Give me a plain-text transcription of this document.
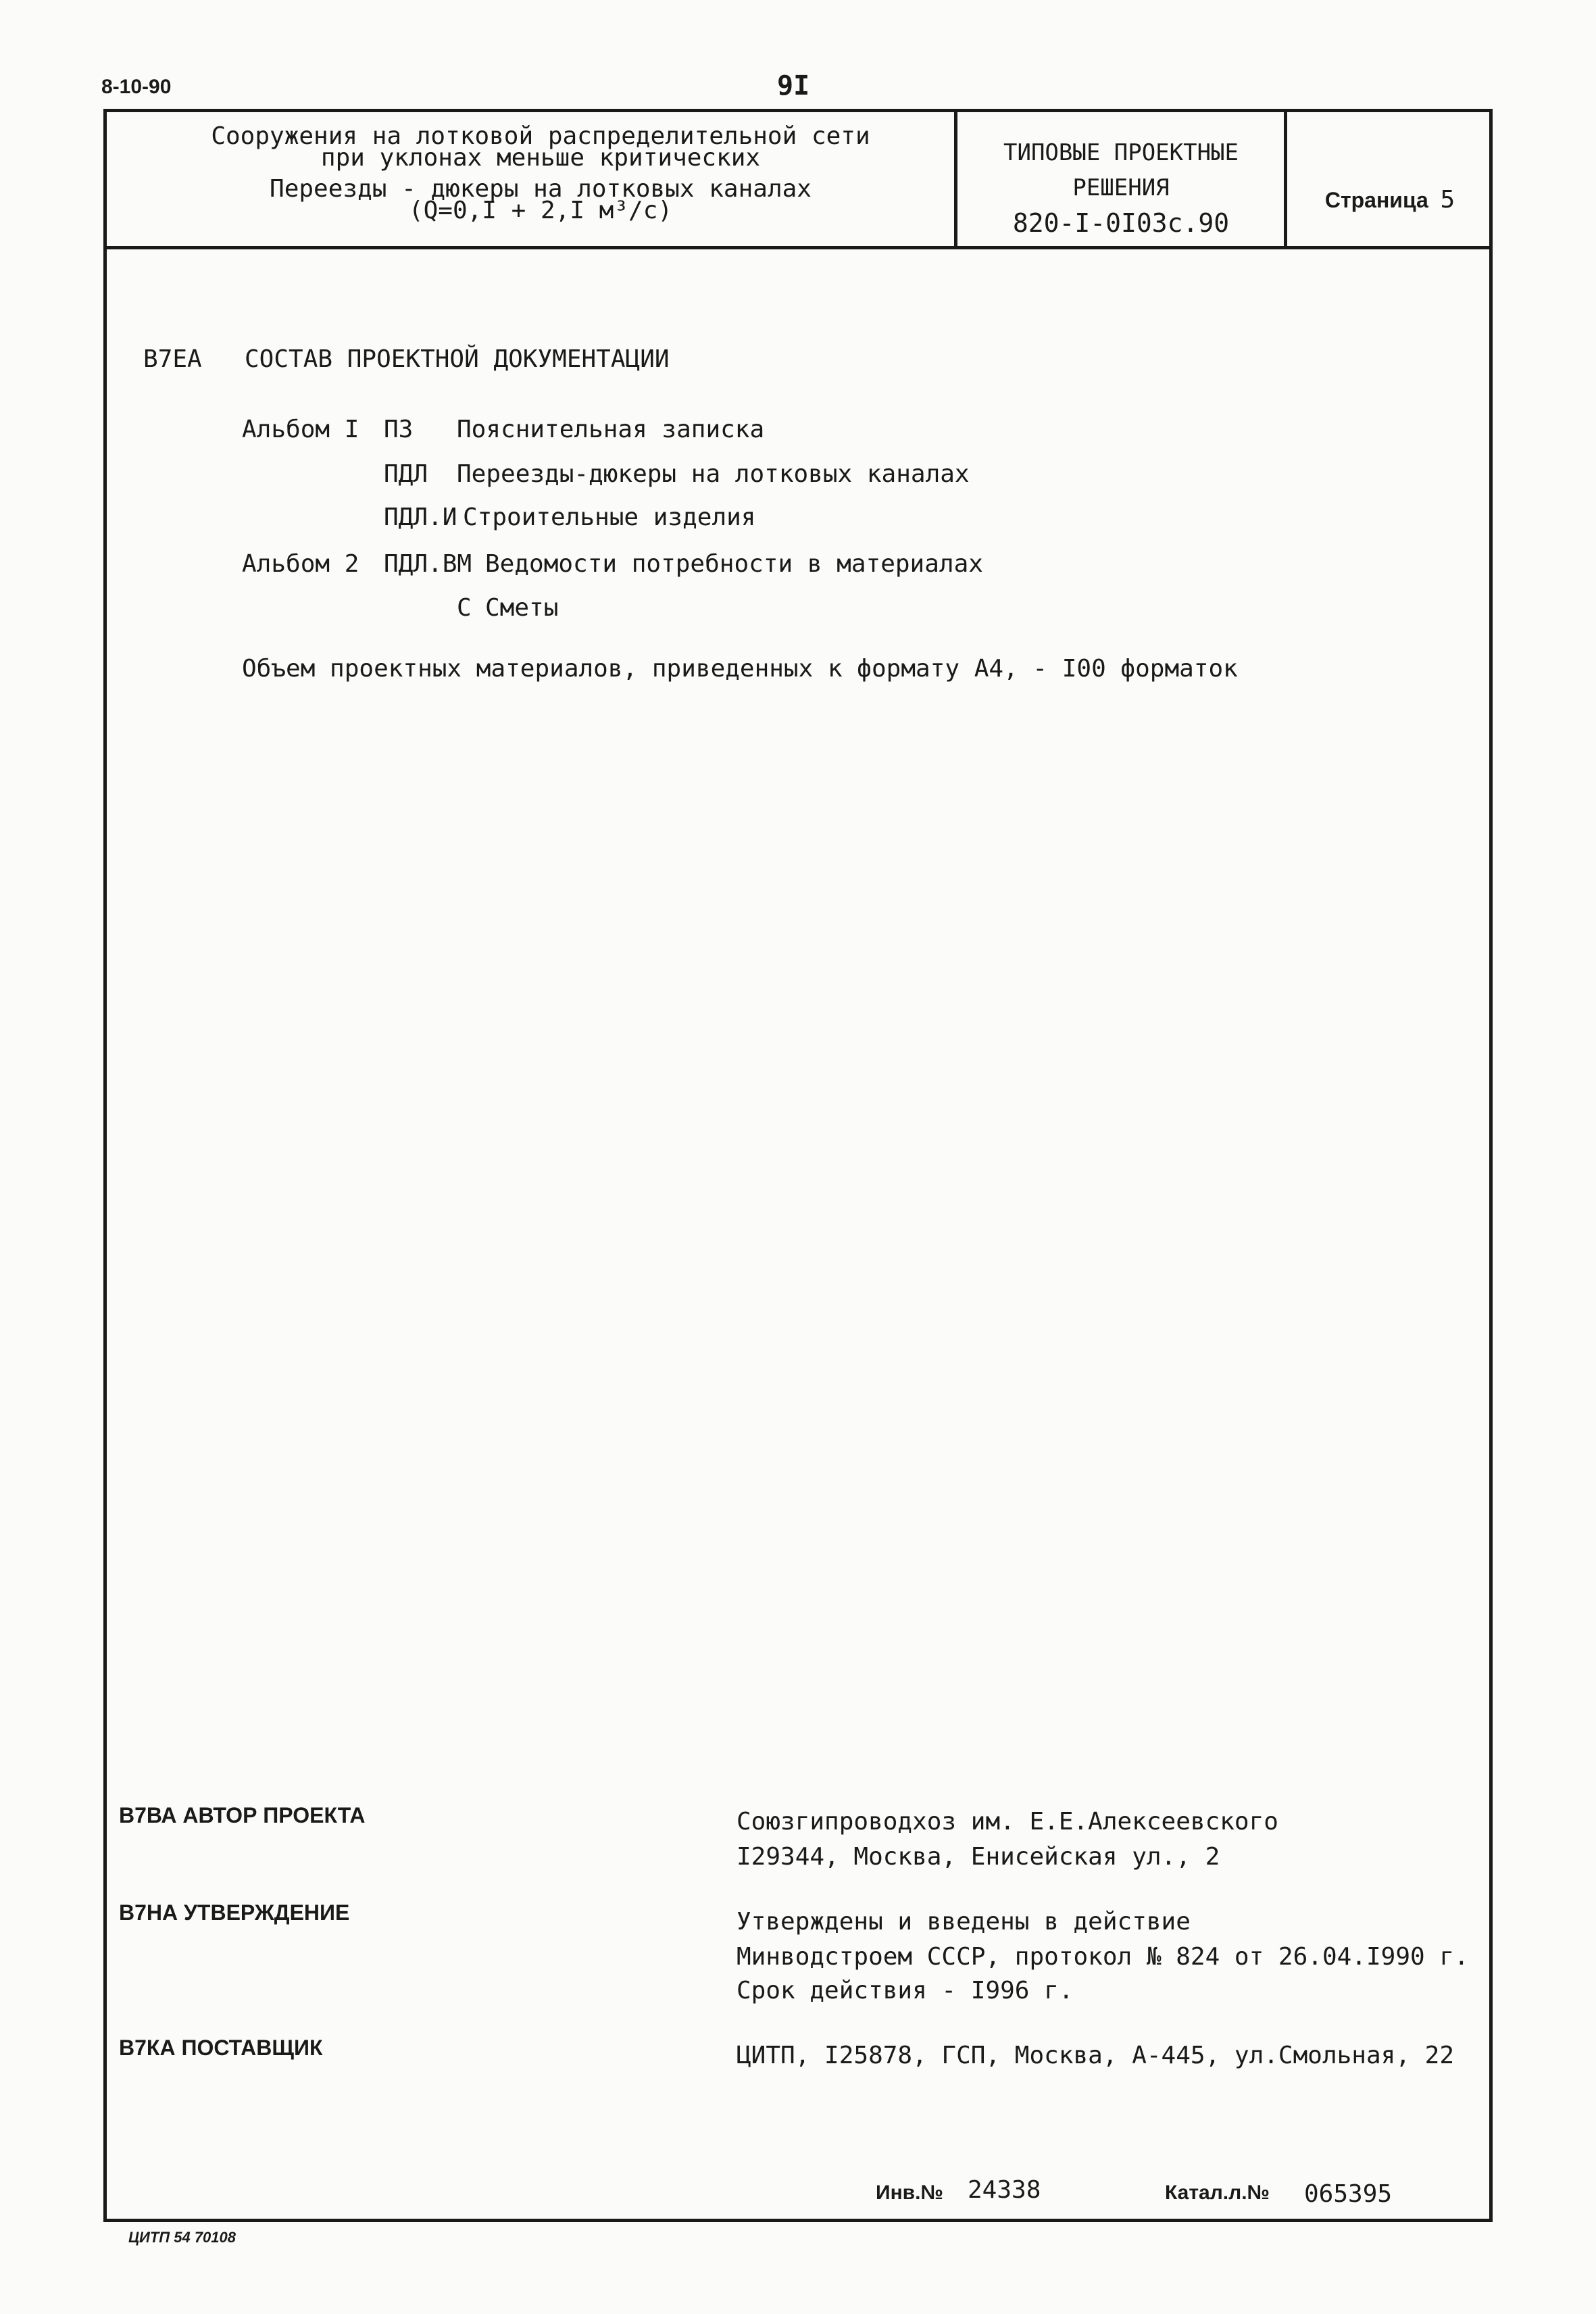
8-10-90	9I
Сооружения на лотковой распределительной сети
при уклонах меньше критических
Переезды - дюкеры на лотковых каналах
(Q=0,I + 2,I м³/с)
ТИПОВЫЕ ПРОЕКТНЫЕ
РЕШЕНИЯ
820-I-0I03с.90
Страница 5
В7ЕА СОСТАВ ПРОЕКТНОЙ ДОКУМЕНТАЦИИ
Альбом I ПЗ Пояснительная записка
ПДЛ Переезды-дюкеры на лотковых каналах
ПДЛ.И Строительные изделия
Альбом 2 ПДЛ.ВМ Ведомости потребности в материалах
С Сметы
Объем проектных материалов, приведенных к формату А4, - I00 форматок
В7ВА АВТОР ПРОЕКТА	Союзгипроводхоз им. Е.Е.Алексеевского
I29344, Москва, Енисейская ул., 2
В7НА УТВЕРЖДЕНИЕ	Утверждены и введены в действие
Минводстроем СССР, протокол № 824 от 26.04.I990 г.
Срок действия - I996 г.
В7КА ПОСТАВЩИК	ЦИТП, I25878, ГСП, Москва, А-445, ул.Смольная, 22
Инв.№ 24338	Катал.л.№ 065395
ЦИТП 54 70108
